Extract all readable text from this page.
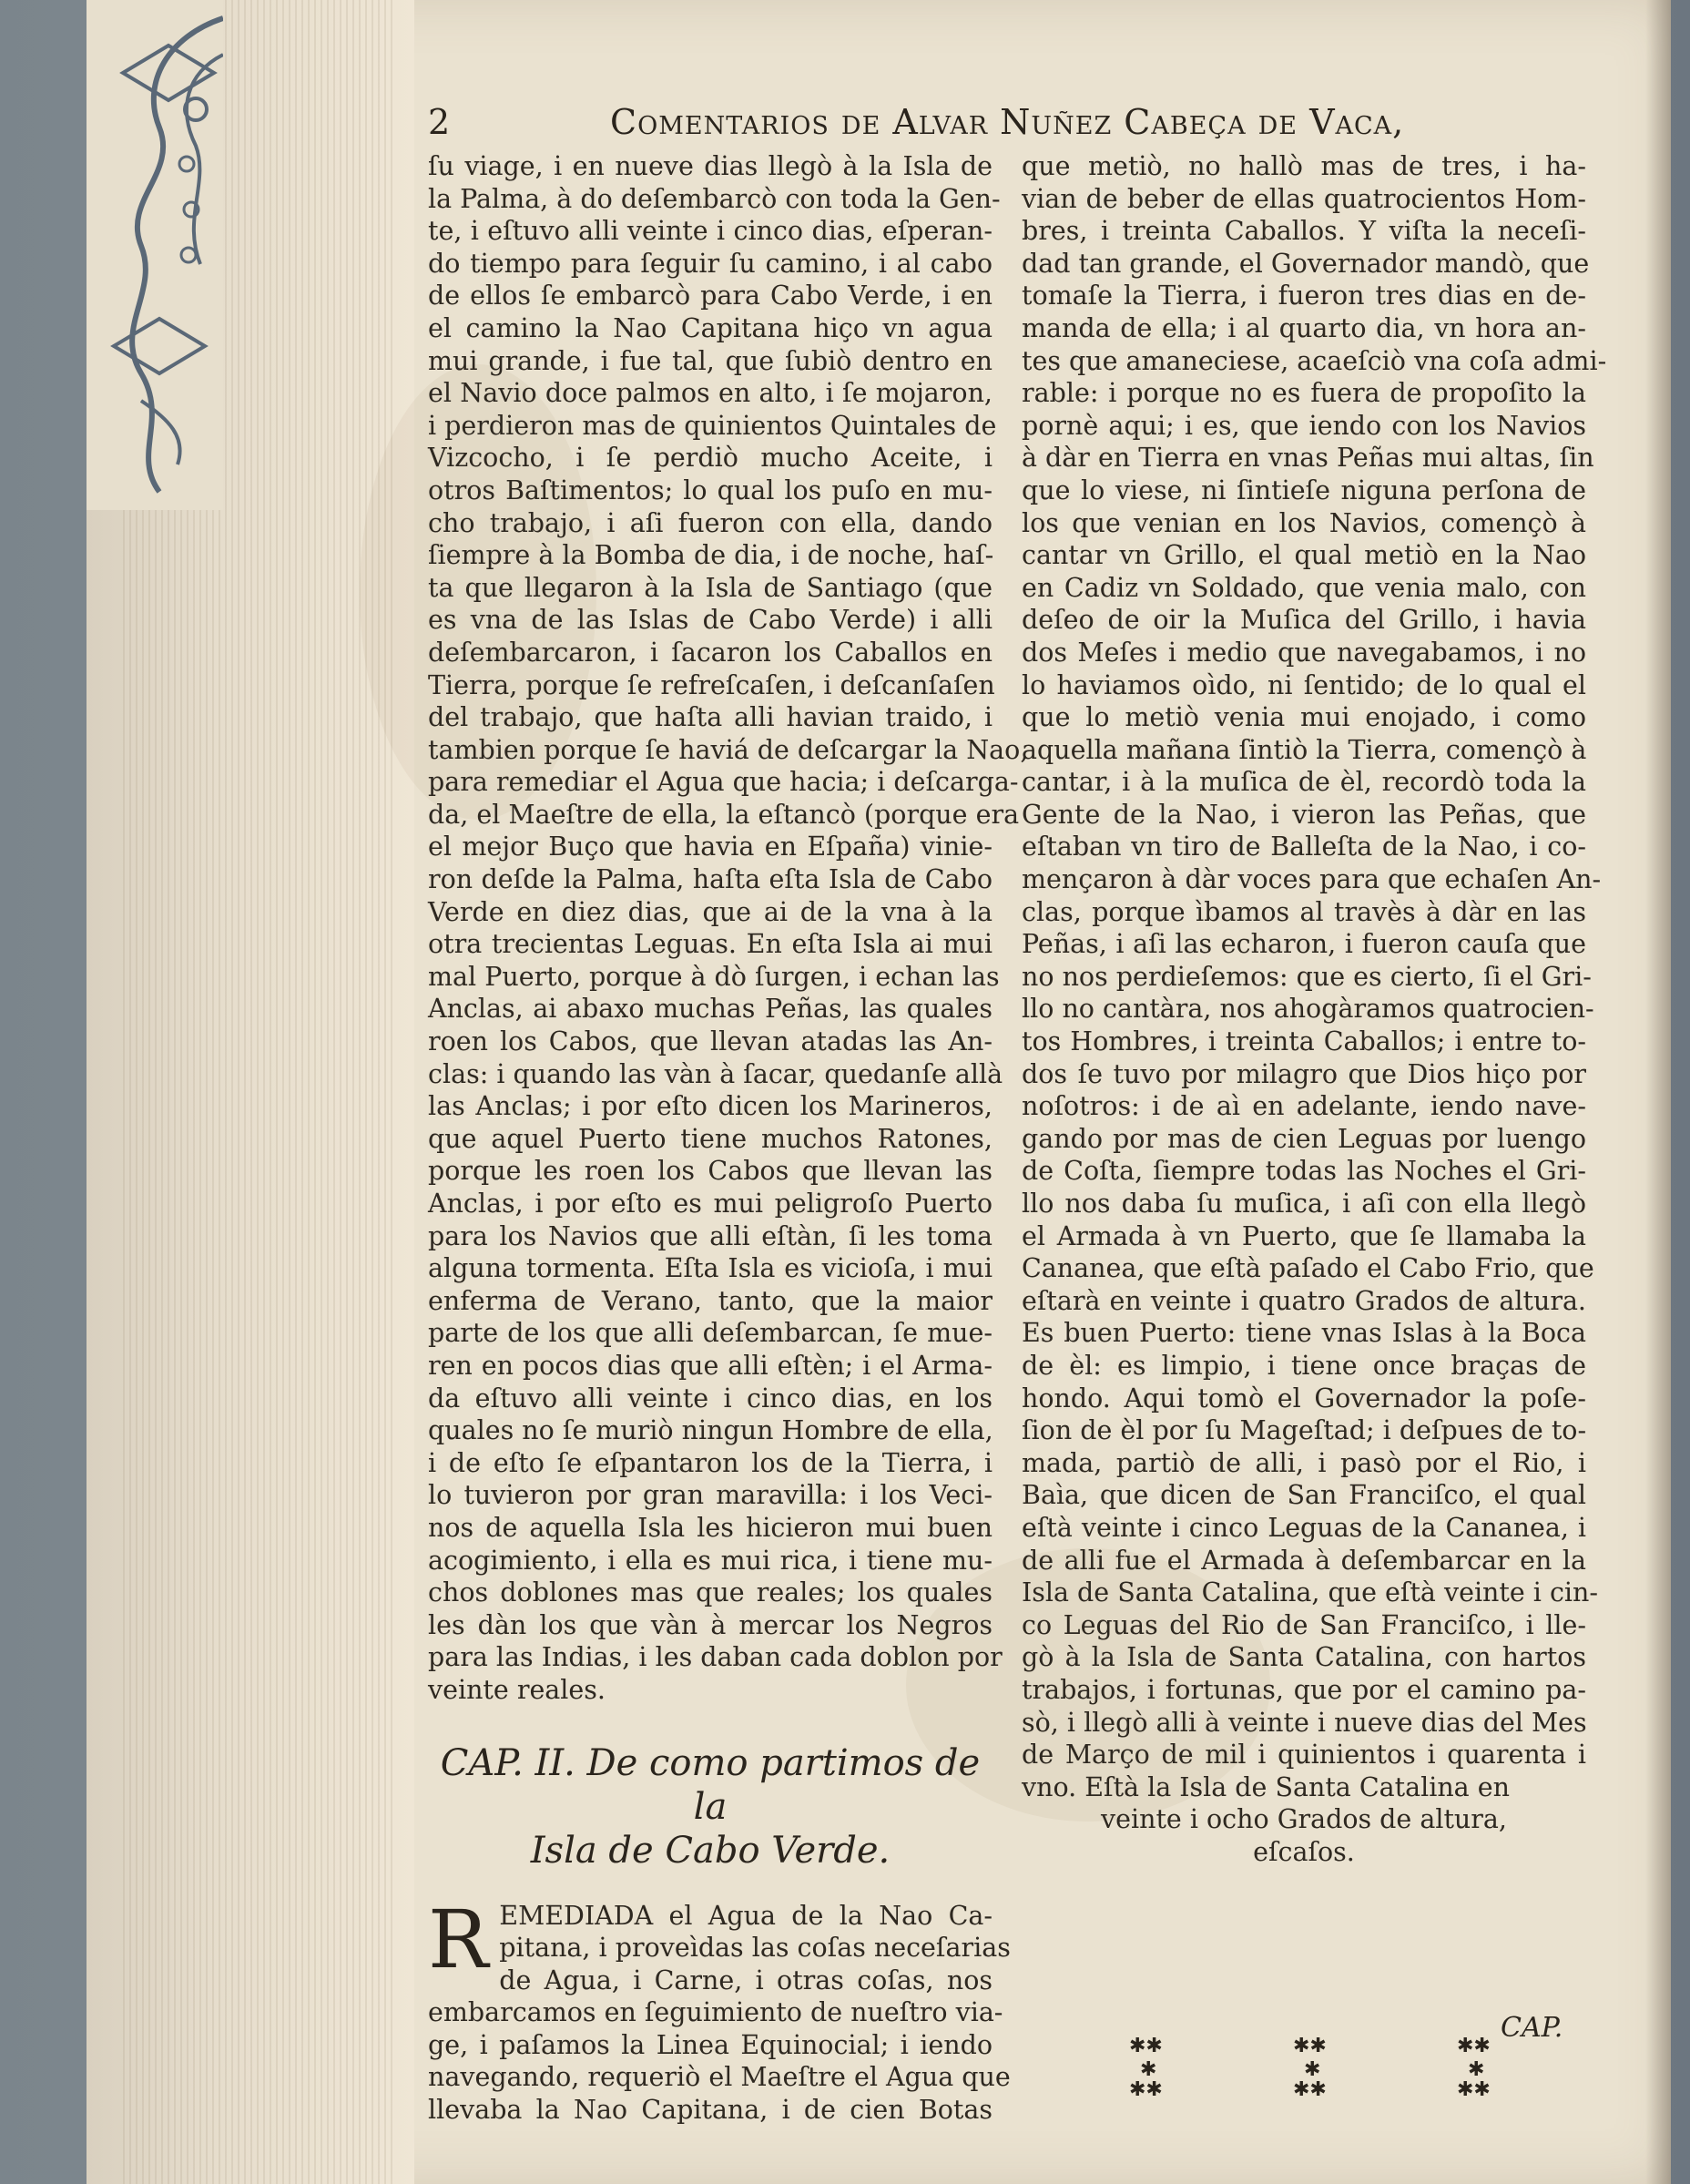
2	Comentarios de Alvar Nuñez Cabeça de Vaca,
ſu viage, i en nueve dias llegò à la Isla de
la Palma, à do deſembarcò con toda la Gen-
te, i eſtuvo alli veinte i cinco dias, eſperan-
do tiempo para ſeguir ſu camino, i al cabo
de ellos ſe embarcò para Cabo Verde, i en
el camino la Nao Capitana hiço vn agua
mui grande, i fue tal, que ſubiò dentro en
el Navio doce palmos en alto, i ſe mojaron,
i perdieron mas de quinientos Quintales de
Vizcocho, i ſe perdiò mucho Aceite, i
otros Baſtimentos; lo qual los puſo en mu-
cho trabajo, i aſi fueron con ella, dando
ſiempre à la Bomba de dia, i de noche, haſ-
ta que llegaron à la Isla de Santiago (que
es vna de las Islas de Cabo Verde) i alli
deſembarcaron, i ſacaron los Caballos en
Tierra, porque ſe refreſcaſen, i deſcanſaſen
del trabajo, que haſta alli havian traido, i
tambien porque ſe haviá de deſcargar la Nao,
para remediar el Agua que hacia; i deſcarga-
da, el Maeſtre de ella, la eſtancò (porque era
el mejor Buço que havia en Eſpaña) vinie-
ron deſde la Palma, haſta eſta Isla de Cabo
Verde en diez dias, que ai de la vna à la
otra trecientas Leguas. En eſta Isla ai mui
mal Puerto, porque à dò ſurgen, i echan las
Anclas, ai abaxo muchas Peñas, las quales
roen los Cabos, que llevan atadas las An-
clas: i quando las vàn à ſacar, quedanſe allà
las Anclas; i por eſto dicen los Marineros,
que aquel Puerto tiene muchos Ratones,
porque les roen los Cabos que llevan las
Anclas, i por eſto es mui peligroſo Puerto
para los Navios que alli eſtàn, ſi les toma
alguna tormenta. Eſta Isla es vicioſa, i mui
enferma de Verano, tanto, que la maior
parte de los que alli deſembarcan, ſe mue-
ren en pocos dias que alli eſtèn; i el Arma-
da eſtuvo alli veinte i cinco dias, en los
quales no ſe muriò ningun Hombre de ella,
i de eſto ſe eſpantaron los de la Tierra, i
lo tuvieron por gran maravilla: i los Veci-
nos de aquella Isla les hicieron mui buen
acogimiento, i ella es mui rica, i tiene mu-
chos doblones mas que reales; los quales
les dàn los que vàn à mercar los Negros
para las Indias, i les daban cada doblon por
veinte reales.
CAP. II. De como partimos de la
Isla de Cabo Verde.
R EMEDIADA el Agua de la Nao Ca-
pitana, i proveìdas las coſas neceſarias
de Agua, i Carne, i otras coſas, nos
embarcamos en ſeguimiento de nueſtro via-
ge, i paſamos la Linea Equinocial; i iendo
navegando, requeriò el Maeſtre el Agua que
llevaba la Nao Capitana, i de cien Botas
que metiò, no hallò mas de tres, i ha-
vian de beber de ellas quatrocientos Hom-
bres, i treinta Caballos. Y viſta la neceſi-
dad tan grande, el Governador mandò, que
tomaſe la Tierra, i fueron tres dias en de-
manda de ella; i al quarto dia, vn hora an-
tes que amaneciese, acaeſciò vna coſa admi-
rable: i porque no es fuera de propoſito la
pornè aqui; i es, que iendo con los Navios
à dàr en Tierra en vnas Peñas mui altas, ſin
que lo viese, ni ſintieſe niguna perſona de
los que venian en los Navios, començò à
cantar vn Grillo, el qual metiò en la Nao
en Cadiz vn Soldado, que venia malo, con
deſeo de oir la Muſica del Grillo, i havia
dos Meſes i medio que navegabamos, i no
lo haviamos oìdo, ni ſentido; de lo qual el
que lo metiò venia mui enojado, i como
aquella mañana ſintiò la Tierra, començò à
cantar, i à la muſica de èl, recordò toda la
Gente de la Nao, i vieron las Peñas, que
eſtaban vn tiro de Balleſta de la Nao, i co-
mençaron à dàr voces para que echaſen An-
clas, porque ìbamos al travès à dàr en las
Peñas, i aſi las echaron, i fueron cauſa que
no nos perdieſemos: que es cierto, ſi el Gri-
llo no cantàra, nos ahogàramos quatrocien-
tos Hombres, i treinta Caballos; i entre to-
dos ſe tuvo por milagro que Dios hiço por
noſotros: i de aì en adelante, iendo nave-
gando por mas de cien Leguas por luengo
de Coſta, ſiempre todas las Noches el Gri-
llo nos daba ſu muſica, i aſi con ella llegò
el Armada à vn Puerto, que ſe llamaba la
Cananea, que eſtà paſado el Cabo Frio, que
eſtarà en veinte i quatro Grados de altura.
Es buen Puerto: tiene vnas Islas à la Boca
de èl: es limpio, i tiene once braças de
hondo. Aqui tomò el Governador la poſe-
ſion de èl por ſu Mageſtad; i deſpues de to-
mada, partiò de alli, i pasò por el Rio, i
Baìa, que dicen de San Franciſco, el qual
eſtà veinte i cinco Leguas de la Cananea, i
de alli fue el Armada à deſembarcar en la
Isla de Santa Catalina, que eſtà veinte i cin-
co Leguas del Rio de San Franciſco, i lle-
gò à la Isla de Santa Catalina, con hartos
trabajos, i fortunas, que por el camino pa-
sò, i llegò alli à veinte i nueve dias del Mes
de Março de mil i quinientos i quarenta i
vno. Eſtà la Isla de Santa Catalina en
veinte i ocho Grados de altura,
eſcaſos.
✱✱
✱
✱✱
✱✱
✱
✱✱
✱✱
✱
✱✱
CAP.
